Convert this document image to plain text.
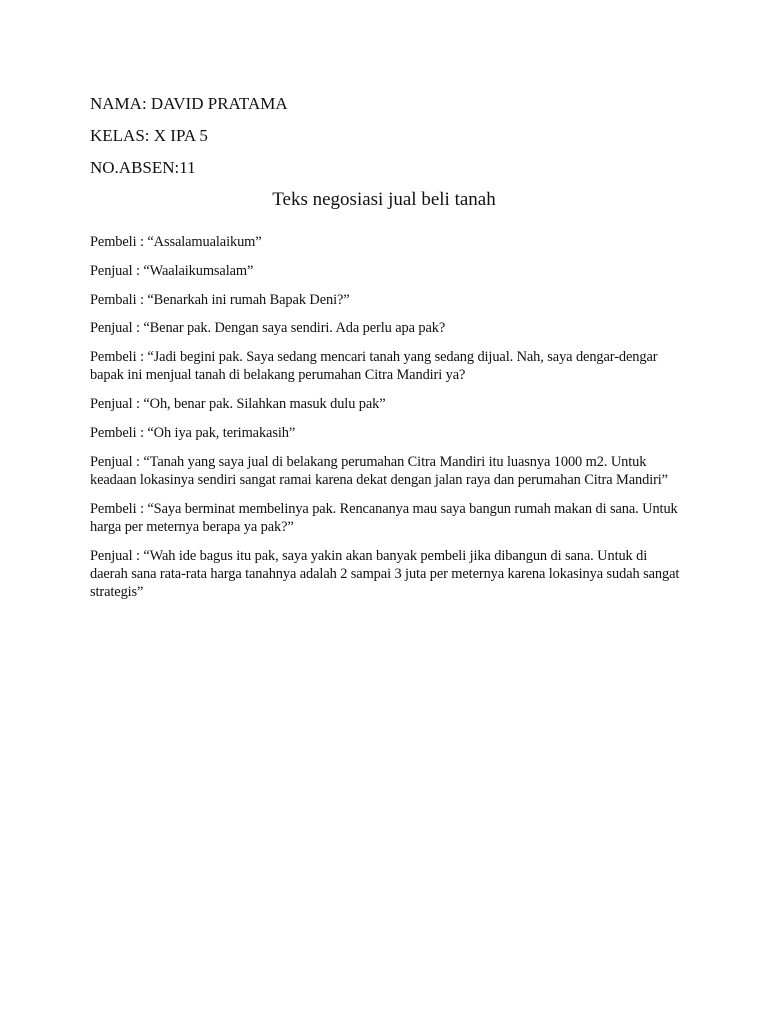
NAMA: DAVID PRATAMA
KELAS: X IPA 5
NO.ABSEN:11
Teks negosiasi jual beli tanah

Pembeli : “Assalamualaikum”

Penjual : “Waalaikumsalam”

Pembali : “Benarkah ini rumah Bapak Deni?”

Penjual : “Benar pak. Dengan saya sendiri. Ada perlu apa pak?

Pembeli : “Jadi begini pak. Saya sedang mencari tanah yang sedang dijual. Nah, saya dengar-dengar bapak ini menjual tanah di belakang perumahan Citra Mandiri ya?

Penjual : “Oh, benar pak. Silahkan masuk dulu pak”

Pembeli : “Oh iya pak, terimakasih”

Penjual : “Tanah yang saya jual di belakang perumahan Citra Mandiri itu luasnya 1000 m2. Untuk keadaan lokasinya sendiri sangat ramai karena dekat dengan jalan raya dan perumahan Citra Mandiri”

Pembeli : “Saya berminat membelinya pak. Rencananya mau saya bangun rumah makan di sana. Untuk harga per meternya berapa ya pak?”

Penjual : “Wah ide bagus itu pak, saya yakin akan banyak pembeli jika dibangun di sana. Untuk di daerah sana rata-rata harga tanahnya adalah 2 sampai 3 juta per meternya karena lokasinya sudah sangat strategis”
